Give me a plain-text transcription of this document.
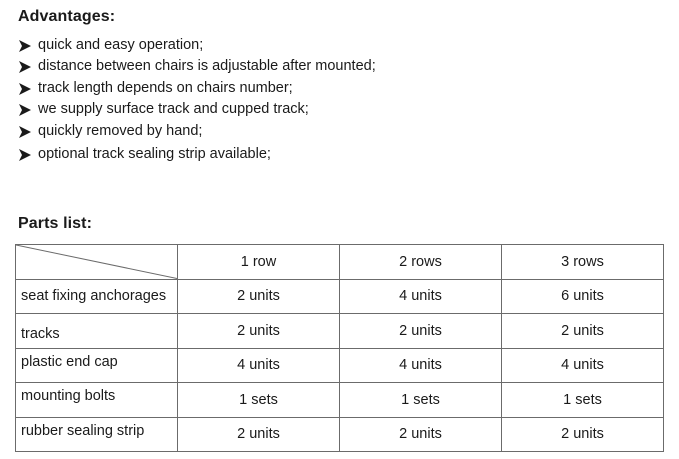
Advantages:
quick and easy operation;
distance between chairs is adjustable after mounted;
track length depends on chairs number;
we supply surface track and cupped track;
quickly removed by hand;
optional track sealing strip available;
Parts list:
	1 row	2 rows	3 rows
seat fixing anchorages	2 units	4 units	6 units
tracks	2 units	2 units	2 units
plastic end cap	4 units	4 units	4 units
mounting bolts	1 sets	1 sets	1 sets
rubber sealing strip	2 units	2 units	2 units
